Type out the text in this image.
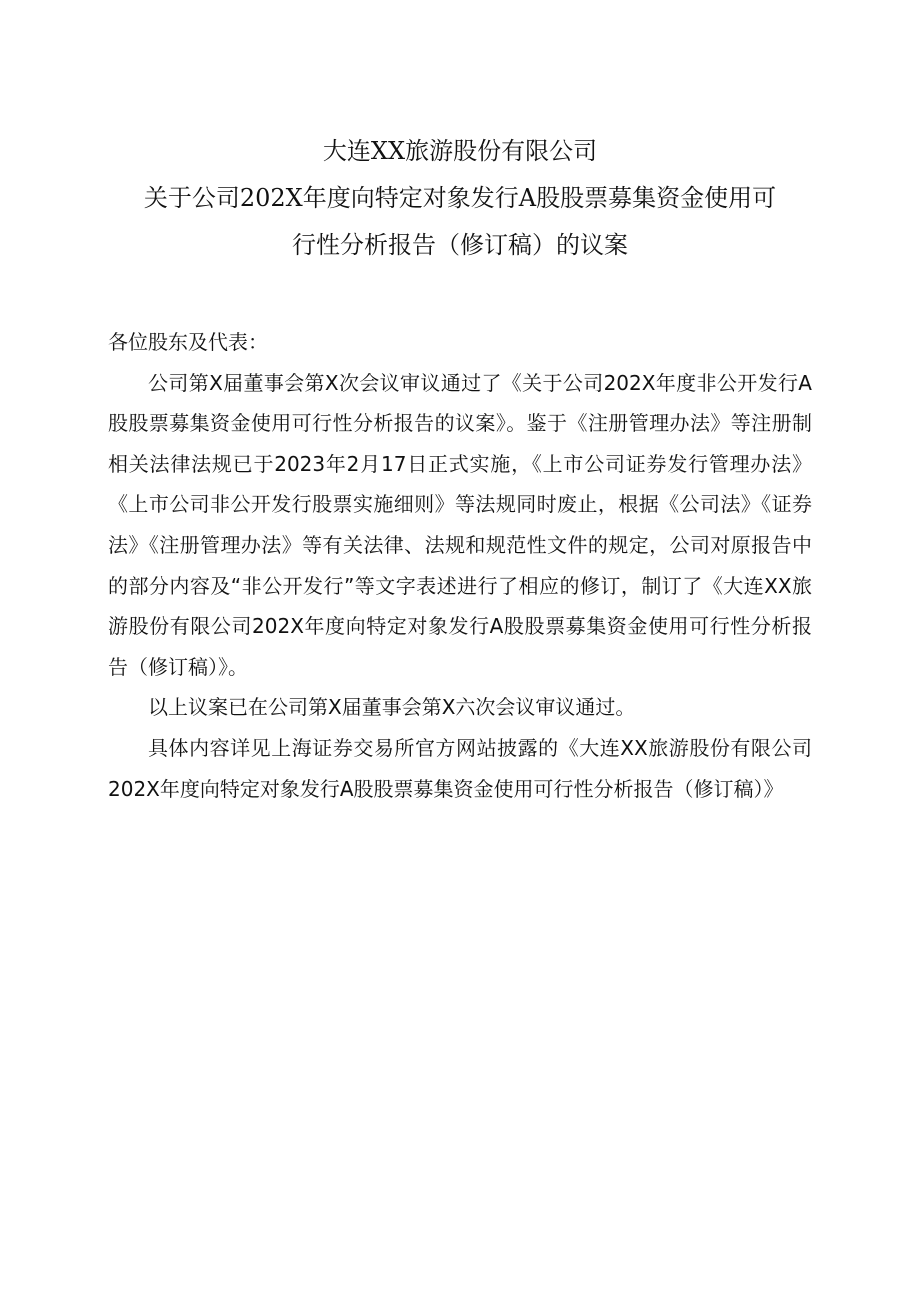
大连XX旅游股份有限公司
关于公司202X年度向特定对象发行A股股票募集资金使用可
行性分析报告（修订稿）的议案

各位股东及代表：

公司第X届董事会第X次会议审议通过了《关于公司202X年度非公开发行A股股票募集资金使用可行性分析报告的议案》。鉴于《注册管理办法》等注册制相关法律法规已于2023年2月17日正式实施，《上市公司证券发行管理办法》《上市公司非公开发行股票实施细则》等法规同时废止，根据《公司法》《证券法》《注册管理办法》等有关法律、法规和规范性文件的规定，公司对原报告中的部分内容及“非公开发行”等文字表述进行了相应的修订，制订了《大连XX旅游股份有限公司202X年度向特定对象发行A股股票募集资金使用可行性分析报告（修订稿）》。

以上议案已在公司第X届董事会第X六次会议审议通过。

具体内容详见上海证券交易所官方网站披露的《大连XX旅游股份有限公司202X年度向特定对象发行A股股票募集资金使用可行性分析报告（修订稿）》
